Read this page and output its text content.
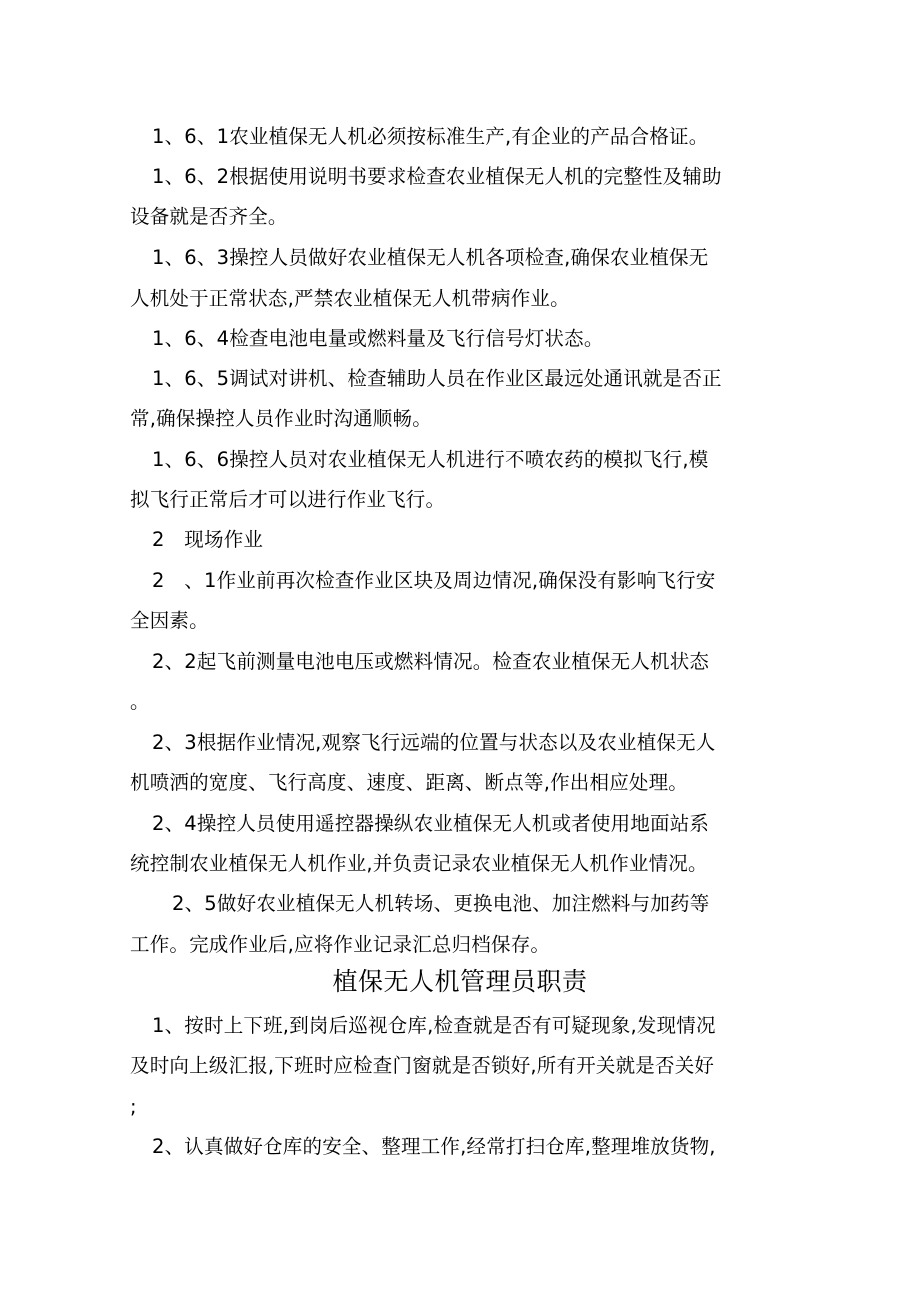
1、6、1农业植保无人机必须按标准生产,有企业的产品合格证。
1、6、2根据使用说明书要求检查农业植保无人机的完整性及辅助
设备就是否齐全。
1、6、3操控人员做好农业植保无人机各项检查,确保农业植保无
人机处于正常状态,严禁农业植保无人机带病作业。
1、6、4检查电池电量或燃料量及飞行信号灯状态。
1、6、5调试对讲机、检查辅助人员在作业区最远处通讯就是否正
常,确保操控人员作业时沟通顺畅。
1、6、6操控人员对农业植保无人机进行不喷农药的模拟飞行,模
拟飞行正常后才可以进行作业飞行。
2　现场作业
2　、1作业前再次检查作业区块及周边情况,确保没有影响飞行安
全因素。
2、2起飞前测量电池电压或燃料情况。检查农业植保无人机状态
。
2、3根据作业情况,观察飞行远端的位置与状态以及农业植保无人
机喷洒的宽度、飞行高度、速度、距离、断点等,作出相应处理。
2、4操控人员使用遥控器操纵农业植保无人机或者使用地面站系
统控制农业植保无人机作业,并负责记录农业植保无人机作业情况。
2、5做好农业植保无人机转场、更换电池、加注燃料与加药等
工作。完成作业后,应将作业记录汇总归档保存。
植保无人机管理员职责
1、按时上下班,到岗后巡视仓库,检查就是否有可疑现象,发现情况
及时向上级汇报,下班时应检查门窗就是否锁好,所有开关就是否关好
;
2、认真做好仓库的安全、整理工作,经常打扫仓库,整理堆放货物,
